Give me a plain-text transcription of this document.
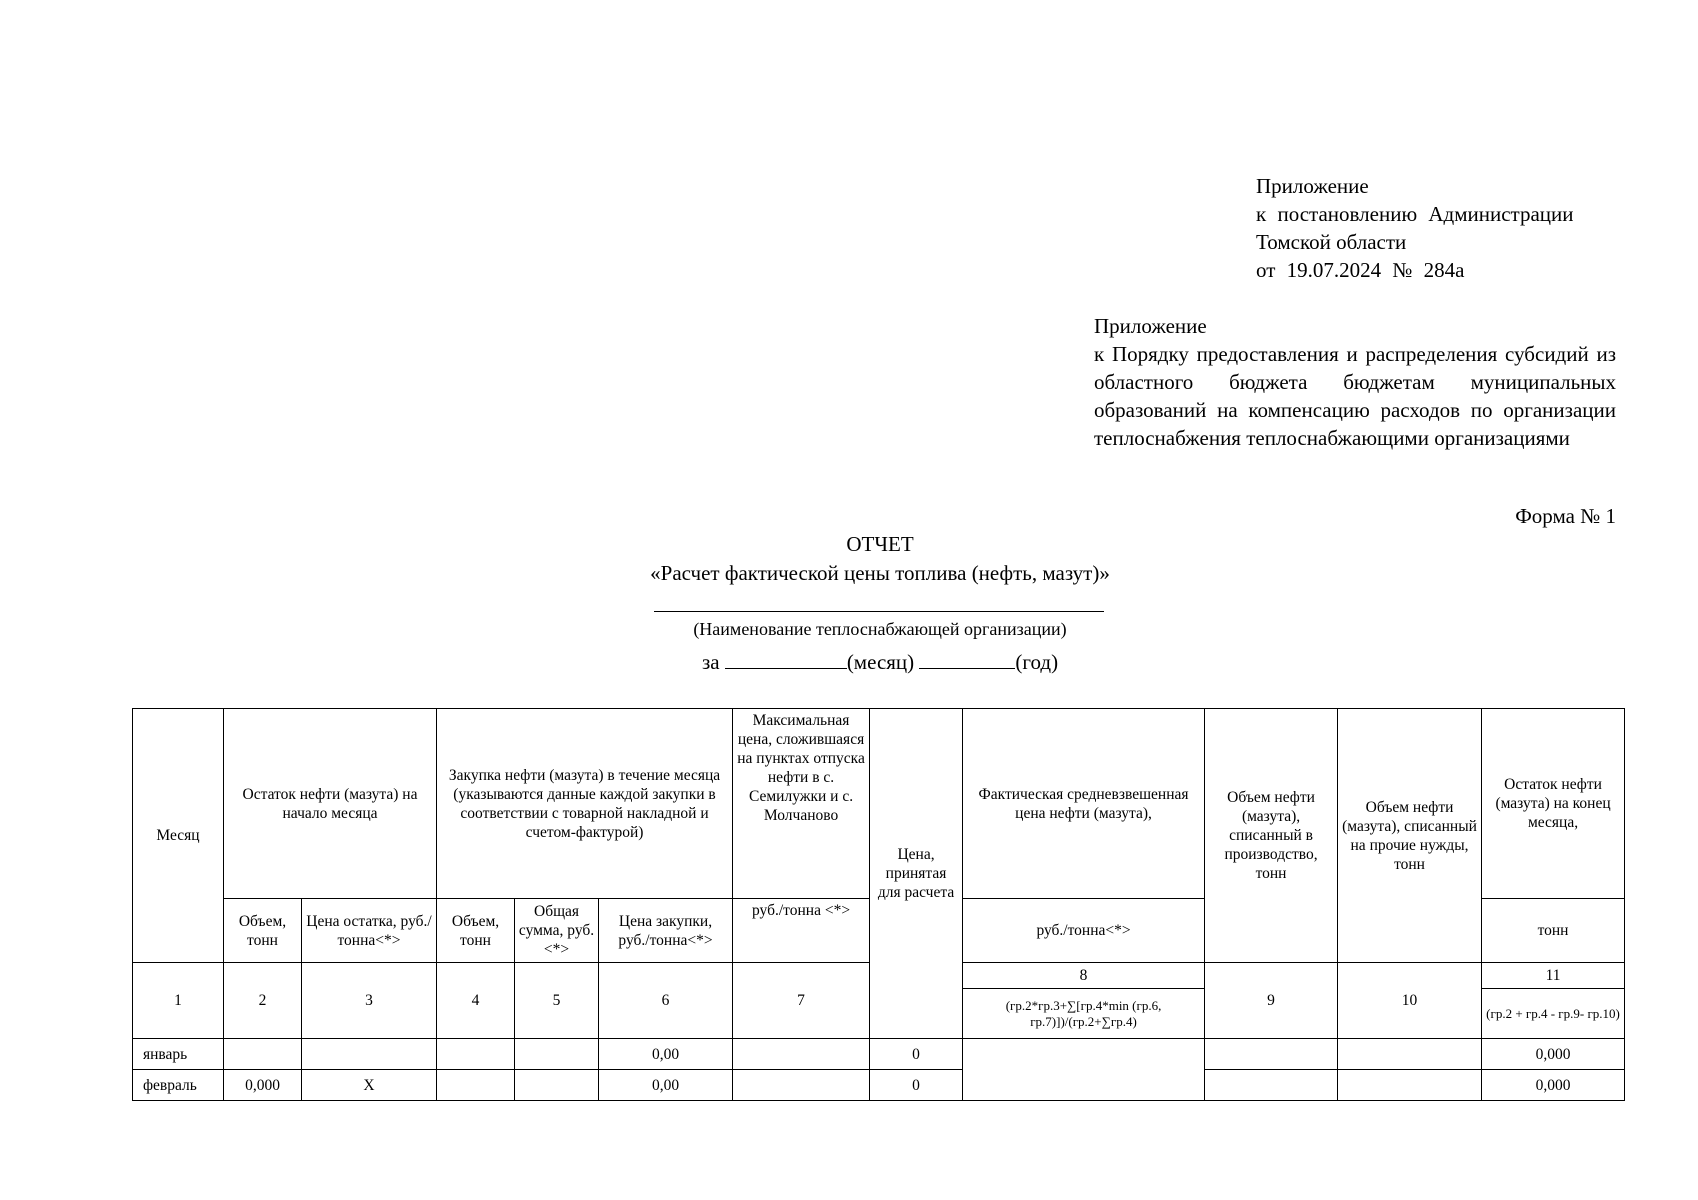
Приложение
к постановлению Администрации
Томской области
от 19.07.2024 № 284а
Приложение
к Порядку предоставления и распределения субсидий из областного бюджета бюджетам муниципальных образований на компенсацию расходов по организации теплоснабжения теплоснабжающими организациями
Форма № 1
ОТЧЕТ
«Расчет фактической цены топлива (нефть, мазут)»
(Наименование теплоснабжающей организации)
за	(месяц)	(год)
Месяц	Остаток нефти (мазута) на начало месяца		Закупка нефти (мазута) в течение месяца (указываются данные каждой закупки в соответствии с товарной накладной и счетом-фактурой)			Максимальная цена, сложившаяся на пунктах отпуска нефти в с. Семилужки и с. Молчаново	Цена, принятая для расчета	Фактическая средневзвешенная цена нефти (мазута),	Объем нефти (мазута), списанный в производство, тонн	Объем нефти (мазута), списанный на прочие нужды, тонн	Остаток нефти (мазута) на конец месяца,
	Объем, тонн	Цена остатка, руб./тонна<*>	Объем, тонн	Общая сумма, руб.<*>	Цена закупки, руб./тонна<*>	руб./тонна <*>		руб./тонна<*>			тонн
1	2	3	4	5	6	7		8	9	10	11
								(гр.2*гр.3+∑[гр.4*min (гр.6, гр.7)])/(гр.2+∑гр.4)			(гр.2 + гр.4 - гр.9- гр.10)
январь					0,00		0				0,000
февраль	0,000	Х			0,00		0				0,000
